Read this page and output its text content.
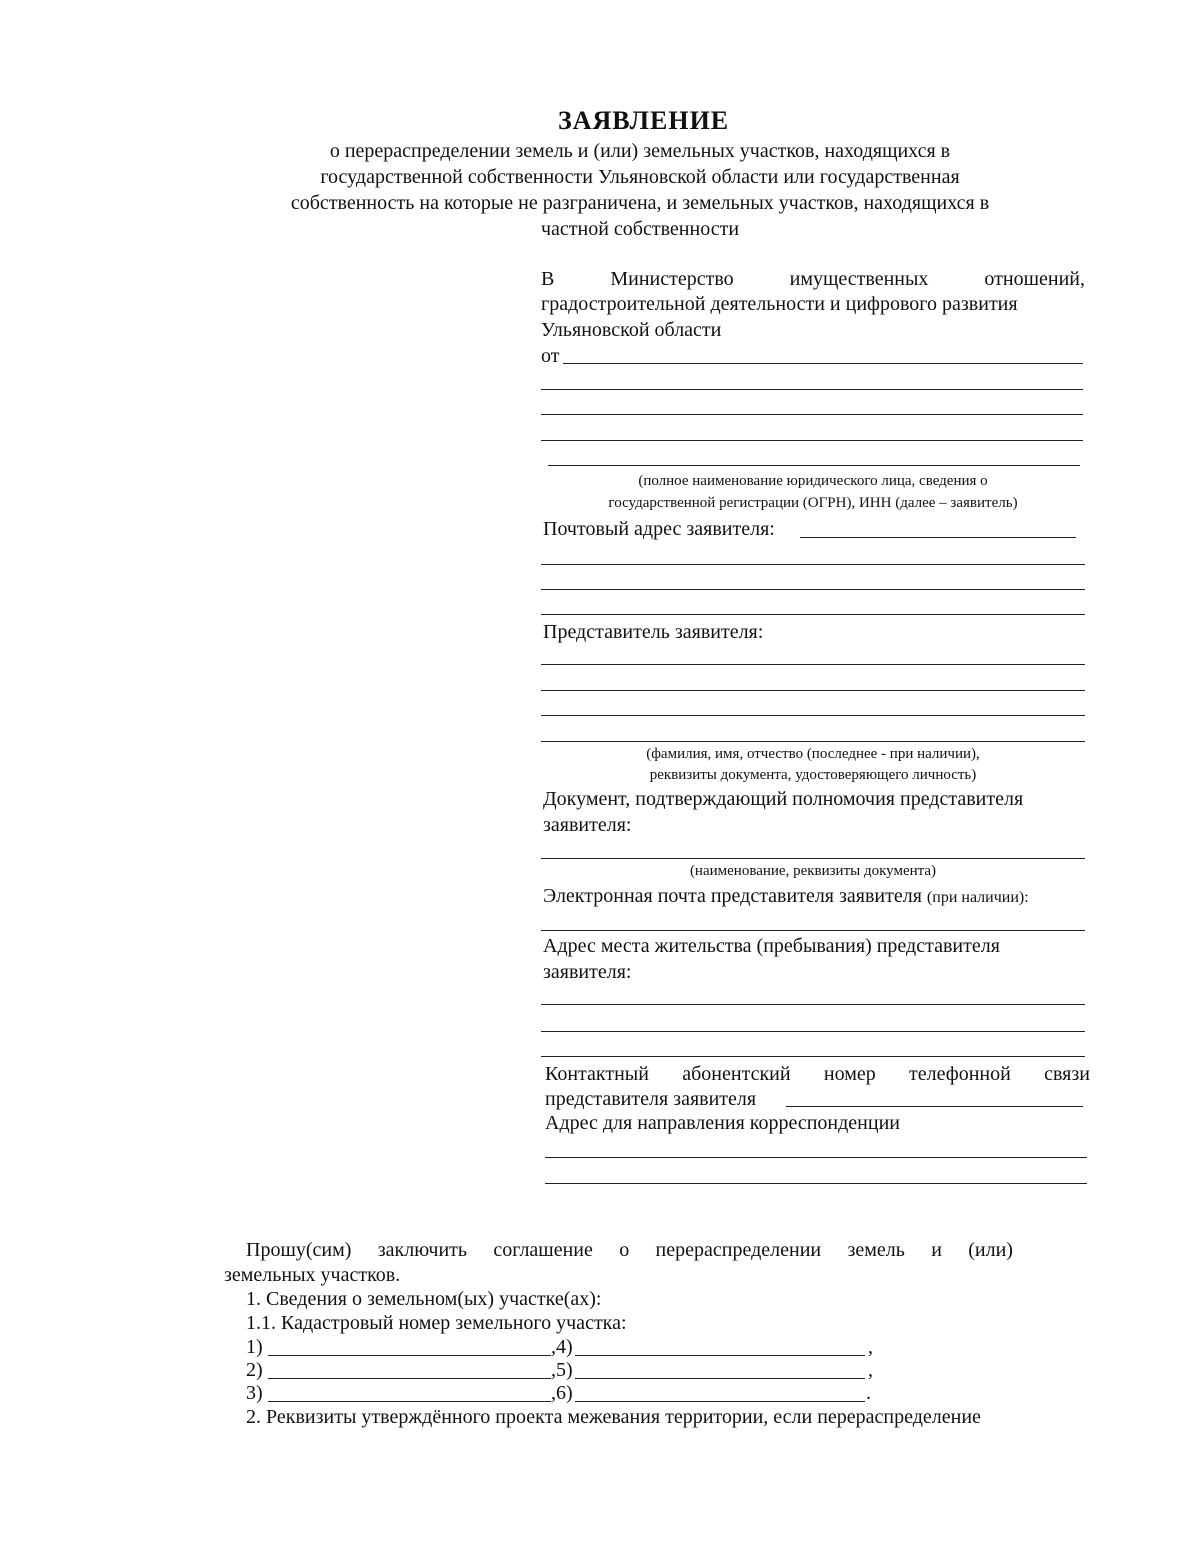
ЗАЯВЛЕНИЕ
о перераспределении земель и (или) земельных участков, находящихся в
государственной собственности Ульяновской области или государственная
собственность на которые не разграничена, и земельных участков, находящихся в
частной собственности
В	Министерство	имущественных	отношений,
градостроительной деятельности и цифрового развития
Ульяновской области
от
(полное наименование юридического лица, сведения о
государственной регистрации (ОГРН), ИНН (далее – заявитель)
Почтовый адрес заявителя:
Представитель заявителя:
(фамилия, имя, отчество (последнее - при наличии),
реквизиты документа, удостоверяющего личность)
Документ, подтверждающий полномочия представителя
заявителя:
(наименование, реквизиты документа)
Электронная почта представителя заявителя (при наличии):
Адрес места жительства (пребывания) представителя
заявителя:
Контактный абонентский номер телефонной связи
представителя заявителя
Адрес для направления корреспонденции
Прошу(сим) заключить соглашение о перераспределении земель и (или)
земельных участков.
1. Сведения о земельном(ых) участке(ах):
1.1. Кадастровый номер земельного участка:
1)	,4)	,
2)	,5)	,
3)	,6)	.
2. Реквизиты утверждённого проекта межевания территории, если перераспределение
